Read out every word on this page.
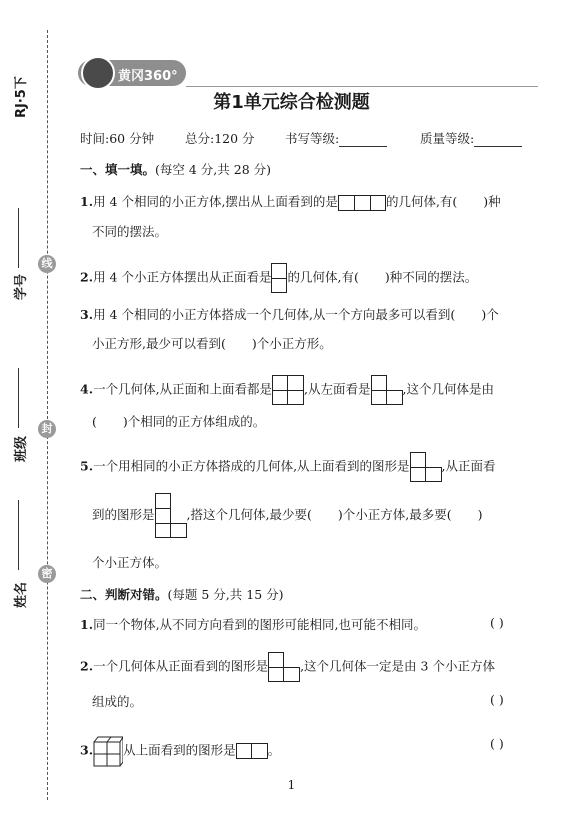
RJ·5下
学号
班级
姓名
线
封
密
黄冈360°
第1单元综合检测题
时间:60 分钟 总分:120 分 书写等级:	质量等级:
一、填一填。(每空 4 分,共 28 分)
1.用 4 个相同的小正方体,摆出从上面看到的是	的几何体,有( )种
不同的摆法。
2.用 4 个小正方体摆出从正面看是 的几何体,有( )种不同的摆法。
3.用 4 个相同的小正方体搭成一个几何体,从一个方向最多可以看到( )个
小正方形,最少可以看到( )个小正方形。
4.一个几何体,从正面和上面看都是	,从左面看是	,这个几何体是由
( )个相同的正方体组成的。
5.一个用相同的小正方体搭成的几何体,从上面看到的图形是	,从正面看
到的图形是	,搭这个几何体,最少要( )个小正方体,最多要( )
个小正方体。
二、判断对错。(每题 5 分,共 15 分)
1.同一个物体,从不同方向看到的图形可能相同,也可能不相同。	( )
2.一个几何体从正面看到的图形是	,这个几何体一定是由 3 个小正方体
组成的。	( )
3. 从上面看到的图形是	。	( )
1
